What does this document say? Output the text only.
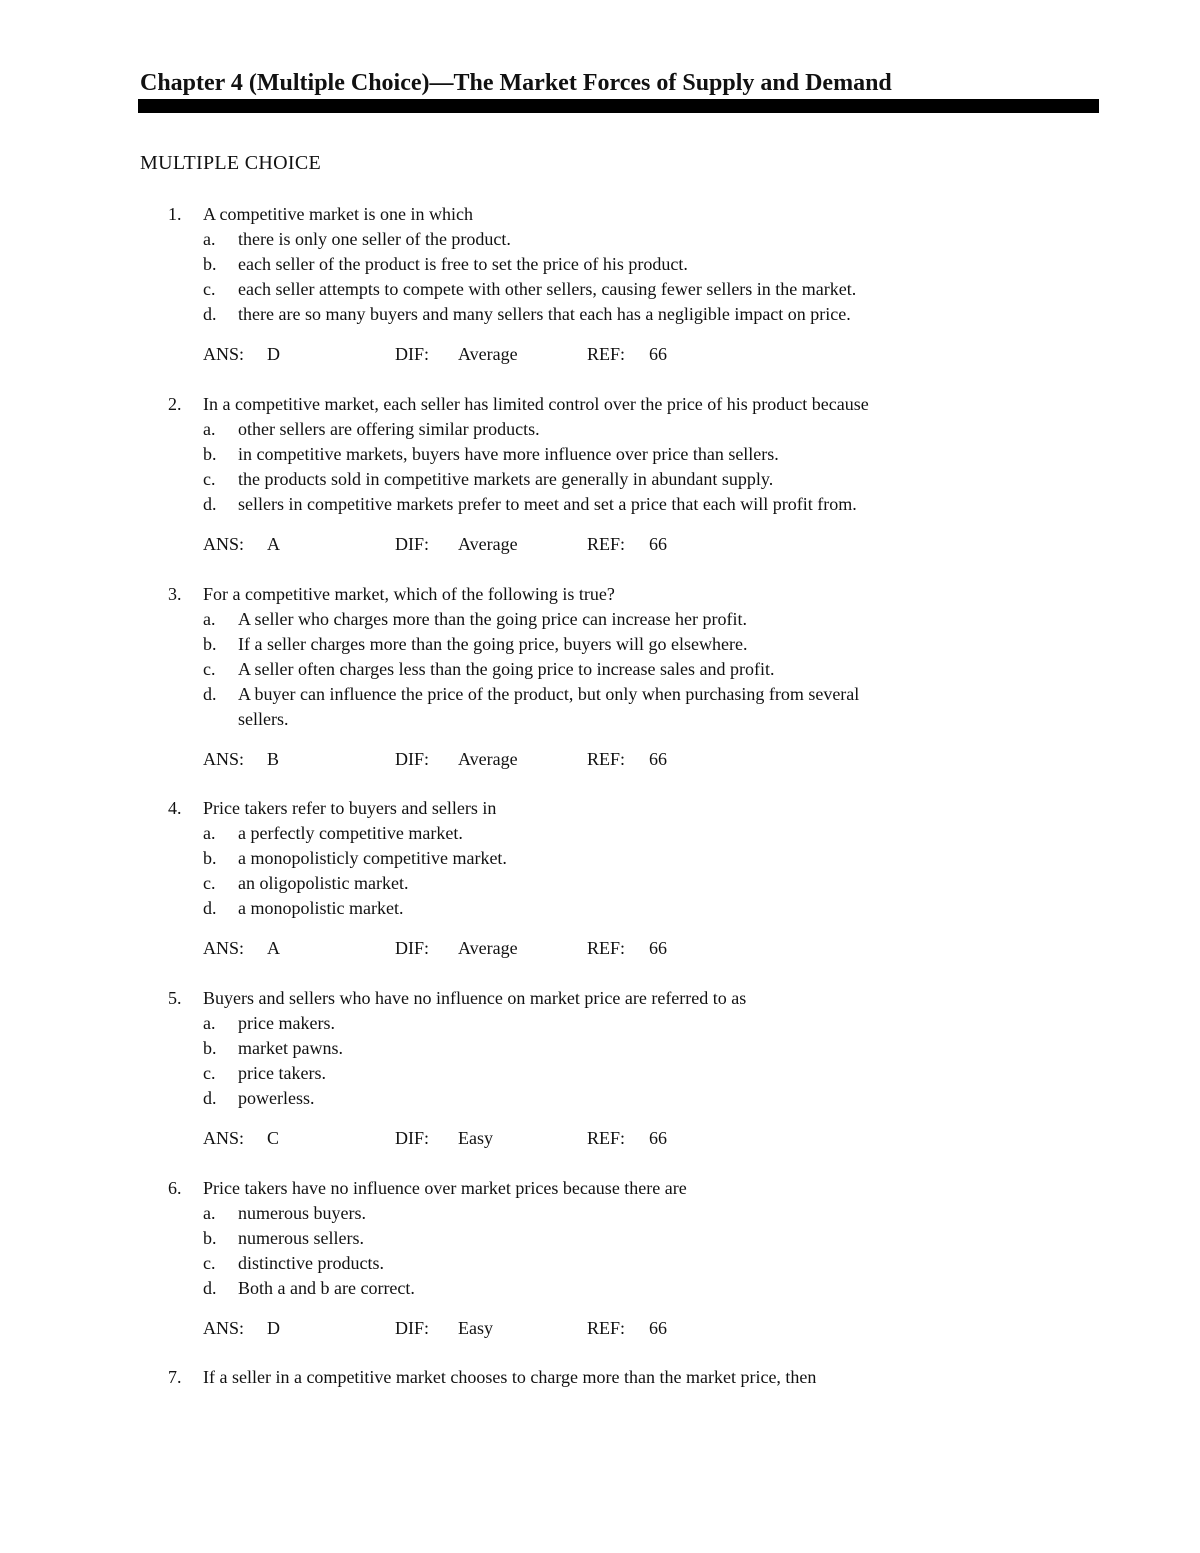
Chapter 4 (Multiple Choice)—The Market Forces of Supply and Demand
MULTIPLE CHOICE
1. A competitive market is one in which
a. there is only one seller of the product.
b. each seller of the product is free to set the price of his product.
c. each seller attempts to compete with other sellers, causing fewer sellers in the market.
d. there are so many buyers and many sellers that each has a negligible impact on price.
ANS: D	DIF: Average	REF: 66
2. In a competitive market, each seller has limited control over the price of his product because
a. other sellers are offering similar products.
b. in competitive markets, buyers have more influence over price than sellers.
c. the products sold in competitive markets are generally in abundant supply.
d. sellers in competitive markets prefer to meet and set a price that each will profit from.
ANS: A	DIF: Average	REF: 66
3. For a competitive market, which of the following is true?
a. A seller who charges more than the going price can increase her profit.
b. If a seller charges more than the going price, buyers will go elsewhere.
c. A seller often charges less than the going price to increase sales and profit.
d. A buyer can influence the price of the product, but only when purchasing from several
sellers.
ANS: B	DIF: Average	REF: 66
4. Price takers refer to buyers and sellers in
a. a perfectly competitive market.
b. a monopolisticly competitive market.
c. an oligopolistic market.
d. a monopolistic market.
ANS: A	DIF: Average	REF: 66
5. Buyers and sellers who have no influence on market price are referred to as
a. price makers.
b. market pawns.
c. price takers.
d. powerless.
ANS: C	DIF: Easy	REF: 66
6. Price takers have no influence over market prices because there are
a. numerous buyers.
b. numerous sellers.
c. distinctive products.
d. Both a and b are correct.
ANS: D	DIF: Easy	REF: 66
7. If a seller in a competitive market chooses to charge more than the market price, then
